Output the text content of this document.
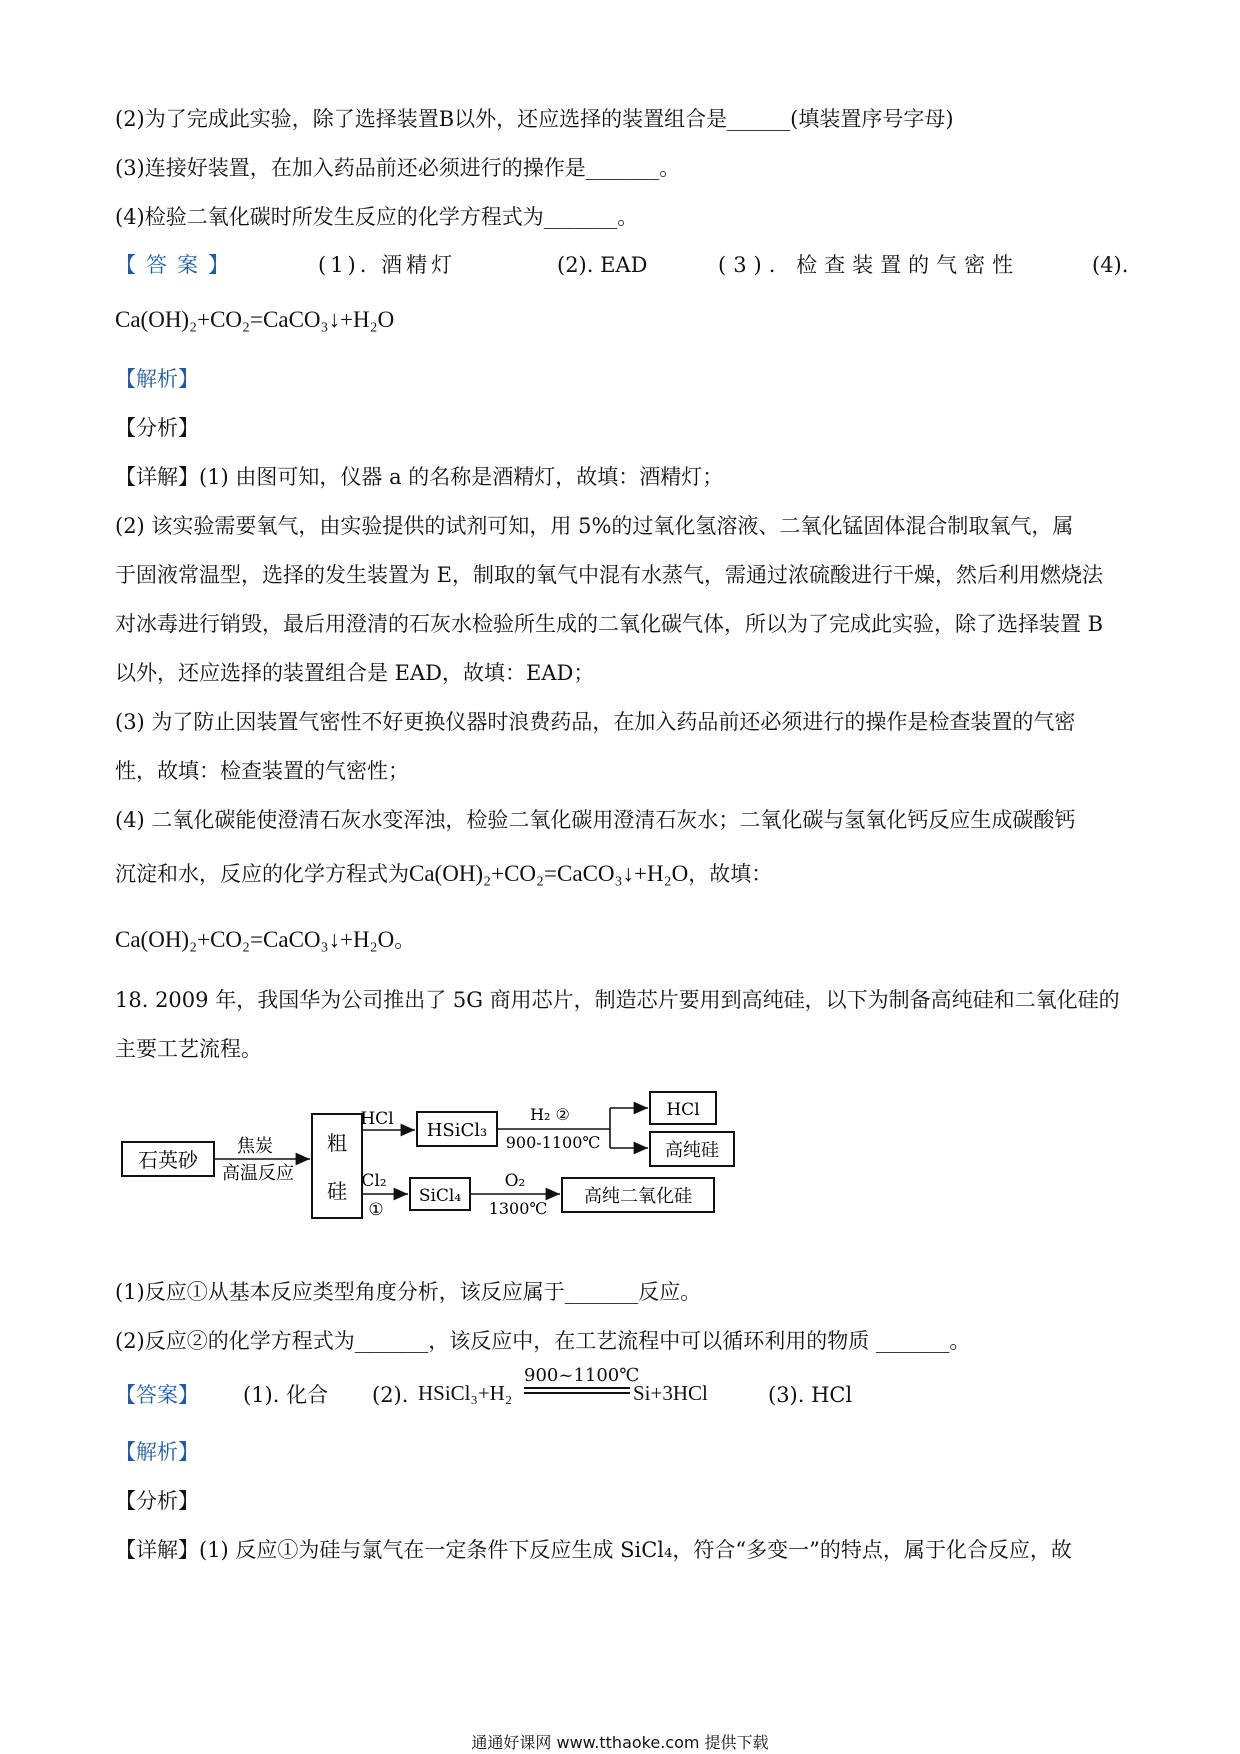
(2)为了完成此实验，除了选择装置B以外，还应选择的装置组合是______(填装置序号字母)
(3)连接好装置，在加入药品前还必须进行的操作是_______。
(4)检验二氧化碳时所发生反应的化学方程式为_______。
【答案】	(1). 酒精灯	(2). EAD	(3). 检查装置的气密性	(4).
Ca(OH)₂+CO₂=CaCO₃↓+H₂O
【解析】
【分析】
【详解】(1) 由图可知，仪器 a 的名称是酒精灯，故填：酒精灯；
(2) 该实验需要氧气，由实验提供的试剂可知，用 5%的过氧化氢溶液、二氧化锰固体混合制取氧气，属
于固液常温型，选择的发生装置为 E，制取的氧气中混有水蒸气，需通过浓硫酸进行干燥，然后利用燃烧法
对冰毒进行销毁，最后用澄清的石灰水检验所生成的二氧化碳气体，所以为了完成此实验，除了选择装置 B
以外，还应选择的装置组合是 EAD，故填：EAD；
(3) 为了防止因装置气密性不好更换仪器时浪费药品，在加入药品前还必须进行的操作是检查装置的气密
性，故填：检查装置的气密性；
(4) 二氧化碳能使澄清石灰水变浑浊，检验二氧化碳用澄清石灰水；二氧化碳与氢氧化钙反应生成碳酸钙
沉淀和水，反应的化学方程式为Ca(OH)₂+CO₂=CaCO₃↓+H₂O，故填：
Ca(OH)₂+CO₂=CaCO₃↓+H₂O。
18. 2009 年，我国华为公司推出了 5G 商用芯片，制造芯片要用到高纯硅，以下为制备高纯硅和二氧化硅的
主要工艺流程。
石英砂
焦炭
高温反应
粗
硅
HCl
HSiCl₃
H₂ ②
900-1100℃
HCl
高纯硅
Cl₂
①
SiCl₄
O₂
1300℃
高纯二氧化硅
(1)反应①从基本反应类型角度分析，该反应属于_______反应。
(2)反应②的化学方程式为_______，该反应中，在工艺流程中可以循环利用的物质 _______。
【答案】 (1). 化合 (2). HSiCl₃+H₂
900~1100℃
Si+3HCl	(3). HCl
【解析】
【分析】
【详解】(1) 反应①为硅与氯气在一定条件下反应生成 SiCl₄，符合“多变一”的特点，属于化合反应，故
通通好课网 www.tthaoke.com 提供下载
